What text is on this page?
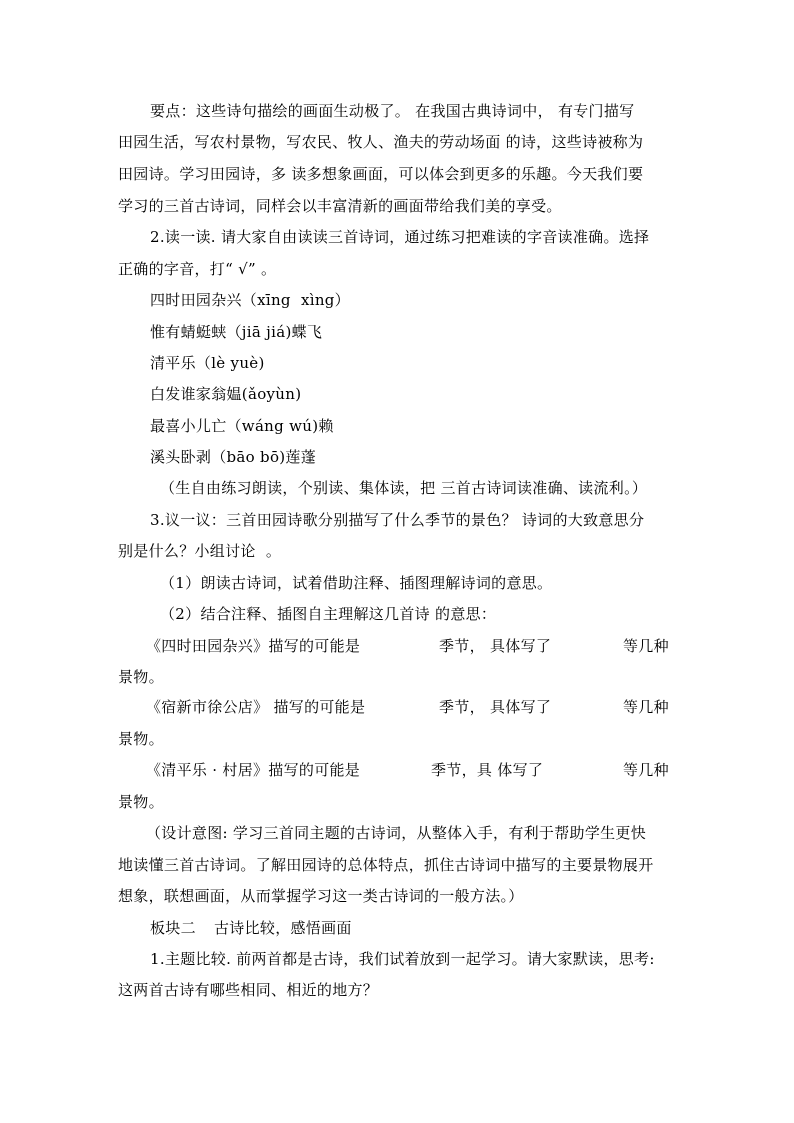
要点：这些诗句描绘的画面生动极了。 在我国古典诗词中， 有专门描写
田园生活，写农村景物，写农民、牧人、渔夫的劳动场面 的诗，这些诗被称为
田园诗。学习田园诗，多 读多想象画面，可以体会到更多的乐趣。今天我们要
学习的三首古诗词，同样会以丰富清新的画面带给我们美的享受。
2.读一读. 请大家自由读读三首诗词，通过练习把难读的字音读准确。选择
正确的字音，打“ √” 。
四时田园杂兴（xīng  xìng）
惟有蜻蜓蛱（jiā jiá)蝶飞
清平乐（lè yuè)
白发谁家翁媪(ǎoyùn)
最喜小儿亡（wáng wú)赖
溪头卧剥（bāo bō)莲蓬
（生自由练习朗读，个别读、集体读，把 三首古诗词读准确、读流利。）
3.议一议：三首田园诗歌分别描写了什么季节的景色？ 诗词的大致意思分
别是什么？小组讨论  。
（1）朗读古诗词，试着借助注释、插图理解诗词的意思。
（2）结合注释、插图自主理解这几首诗 的意思：
《四时田园杂兴》描写的可能是	季节， 具体写了	等几种
景物。
《宿新市徐公店》 描写的可能是	季节， 具体写了	等几种
景物。
《清平乐 · 村居》描写的可能是	季节，具 体写了	等几种
景物。
（设计意图: 学习三首同主题的古诗词，从整体入手，有利于帮助学生更快
地读懂三首古诗词。了解田园诗的总体特点，抓住古诗词中描写的主要景物展开
想象，联想画面，从而掌握学习这一类古诗词的一般方法。）
板块二 古诗比较，感悟画面
1.主题比较. 前两首都是古诗，我们试着放到一起学习。请大家默读，思考:
这两首古诗有哪些相同、相近的地方？
